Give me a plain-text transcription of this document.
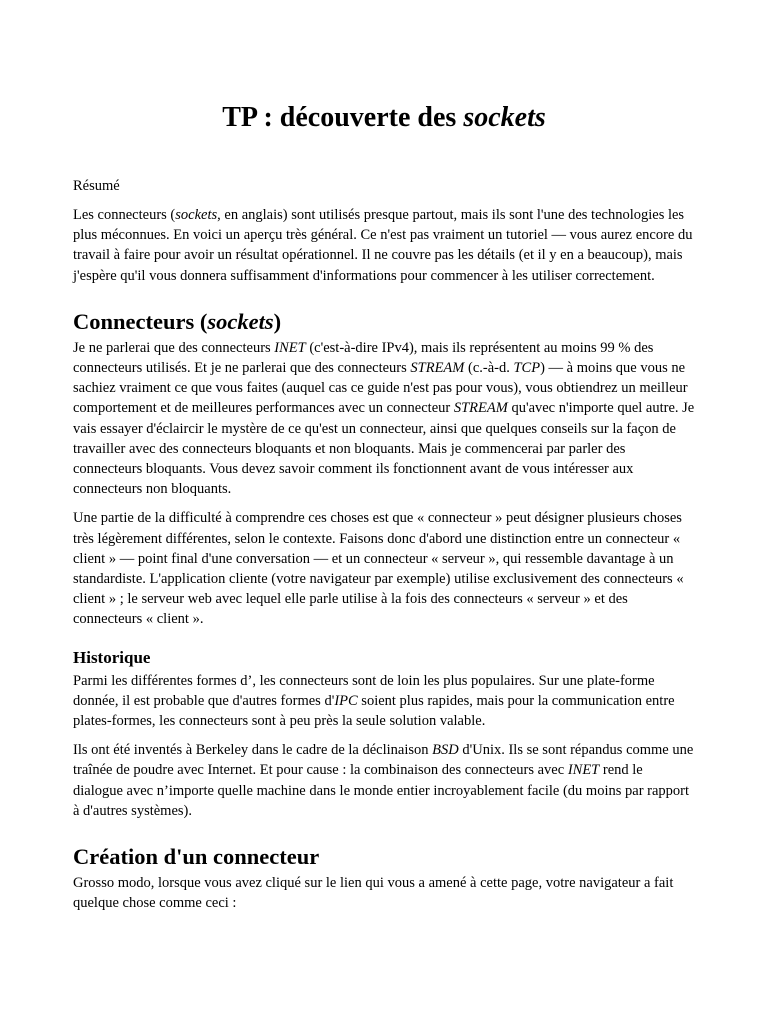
TP : découverte des sockets
Résumé

Les connecteurs (sockets, en anglais) sont utilisés presque partout, mais ils sont l'une des technologies les plus méconnues. En voici un aperçu très général. Ce n'est pas vraiment un tutoriel — vous aurez encore du travail à faire pour avoir un résultat opérationnel. Il ne couvre pas les détails (et il y en a beaucoup), mais j'espère qu'il vous donnera suffisamment d'informations pour commencer à les utiliser correctement.

Connecteurs (sockets)

Je ne parlerai que des connecteurs INET (c'est-à-dire IPv4), mais ils représentent au moins 99 % des connecteurs utilisés. Et je ne parlerai que des connecteurs STREAM (c.-à-d. TCP) — à moins que vous ne sachiez vraiment ce que vous faites (auquel cas ce guide n'est pas pour vous), vous obtiendrez un meilleur comportement et de meilleures performances avec un connecteur STREAM qu'avec n'importe quel autre. Je vais essayer d'éclaircir le mystère de ce qu'est un connecteur, ainsi que quelques conseils sur la façon de travailler avec des connecteurs bloquants et non bloquants. Mais je commencerai par parler des connecteurs bloquants. Vous devez savoir comment ils fonctionnent avant de vous intéresser aux connecteurs non bloquants.

Une partie de la difficulté à comprendre ces choses est que « connecteur » peut désigner plusieurs choses très légèrement différentes, selon le contexte. Faisons donc d'abord une distinction entre un connecteur « client » — point final d'une conversation — et un connecteur « serveur », qui ressemble davantage à un standardiste. L'application cliente (votre navigateur par exemple) utilise exclusivement des connecteurs « client » ; le serveur web avec lequel elle parle utilise à la fois des connecteurs « serveur » et des connecteurs « client ».

Historique

Parmi les différentes formes d’, les connecteurs sont de loin les plus populaires. Sur une plate-forme donnée, il est probable que d'autres formes d'IPC soient plus rapides, mais pour la communication entre plates-formes, les connecteurs sont à peu près la seule solution valable.

Ils ont été inventés à Berkeley dans le cadre de la déclinaison BSD d'Unix. Ils se sont répandus comme une traînée de poudre avec Internet. Et pour cause : la combinaison des connecteurs avec INET rend le dialogue avec n’importe quelle machine dans le monde entier incroyablement facile (du moins par rapport à d'autres systèmes).

Création d'un connecteur

Grosso modo, lorsque vous avez cliqué sur le lien qui vous a amené à cette page, votre navigateur a fait quelque chose comme ceci :
